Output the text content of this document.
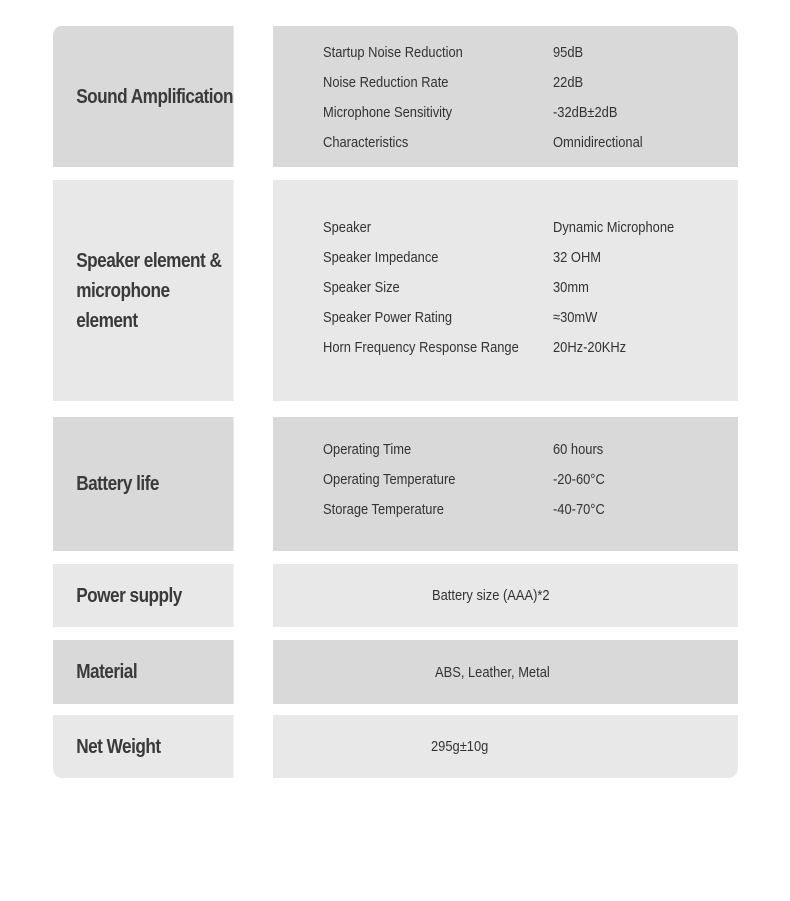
Sound Amplification
Startup Noise Reduction	95dB
Noise Reduction Rate	22dB
Microphone Sensitivity	-32dB±2dB
Characteristics	Omnidirectional
Speaker element &
microphone element
Speaker	Dynamic Microphone
Speaker Impedance	32 OHM
Speaker Size	30mm
Speaker Power Rating	≈30mW
Horn Frequency Response Range 20Hz-20KHz
Battery life
Operating Time	60 hours
Operating Temperature	-20-60°C
Storage Temperature	-40-70°C
Power supply	Battery size (AAA)*2
Material	ABS, Leather, Metal
Net Weight	295g±10g
